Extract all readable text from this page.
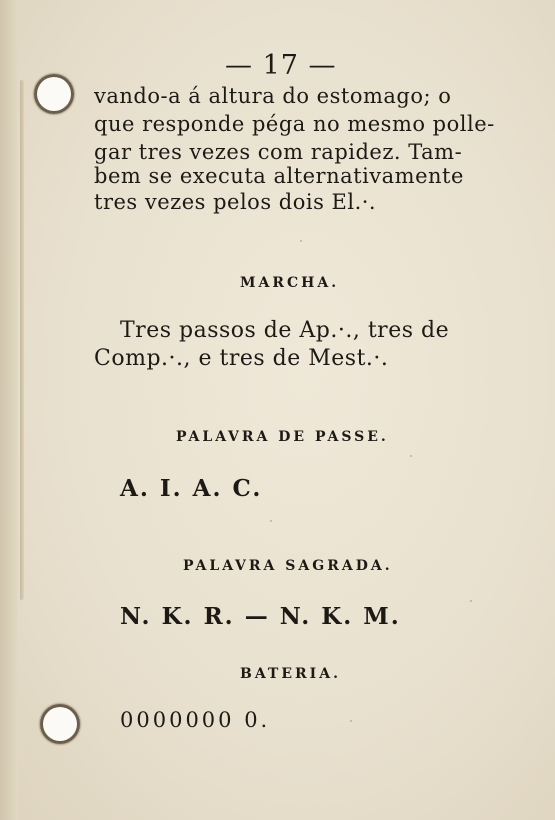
— 17 —
vando-a á altura do estomago; o
que responde péga no mesmo polle-
gar tres vezes com rapidez. Tam-
bem se executa alternativamente
tres vezes pelos dois El.·.
MARCHA.
Tres passos de Ap.·., tres de
Comp.·., e tres de Mest.·.
PALAVRA DE PASSE.
A. I. A. C.
PALAVRA SAGRADA.
N. K. R. — N. K. M.
BATERIA.
0000000 0.
